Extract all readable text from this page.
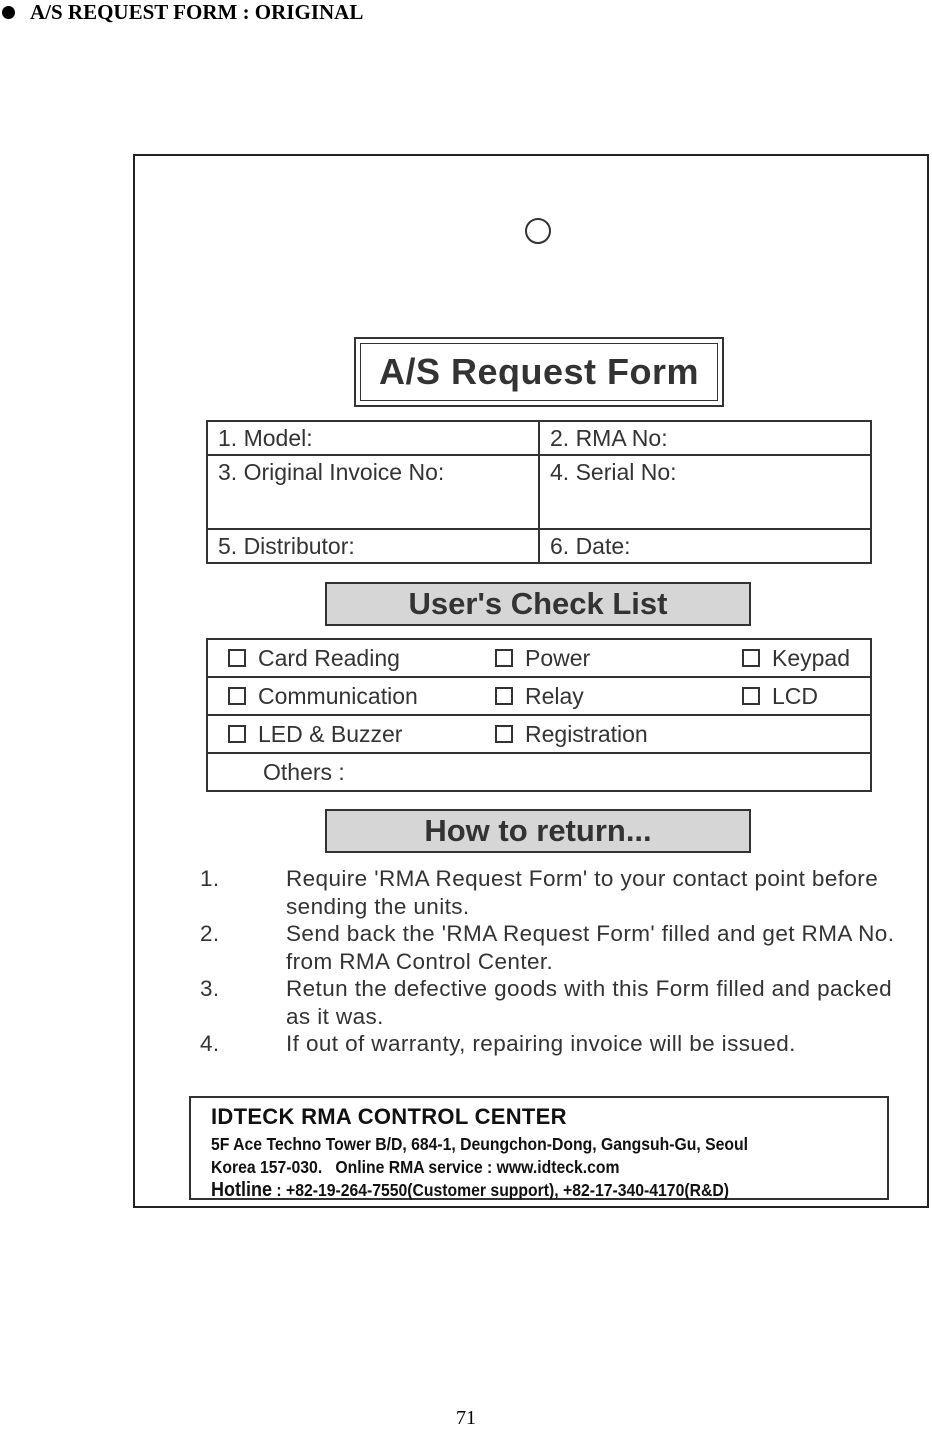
A/S REQUEST FORM : ORIGINAL
A/S Request Form
1. Model:	2. RMA No:
3. Original Invoice No:	4. Serial No:
5. Distributor:	6. Date:
User's Check List
Card Reading	Power	Keypad

Communication	Relay	LCD

LED & Buzzer	Registration	

Others :		
How to return...
1.	Require 'RMA Request Form' to your contact point before sending the units.
2.	Send back the 'RMA Request Form' filled and get RMA No. from RMA Control Center.
3.	Retun the defective goods with this Form filled and packed as it was.
4.	If out of warranty, repairing invoice will be issued.
IDTECK RMA CONTROL CENTER
5F Ace Techno Tower B/D, 684-1, Deungchon-Dong, Gangsuh-Gu, Seoul
Korea 157-030. Online RMA service : www.idteck.com
Hotline : +82-19-264-7550(Customer support), +82-17-340-4170(R&D)
71
